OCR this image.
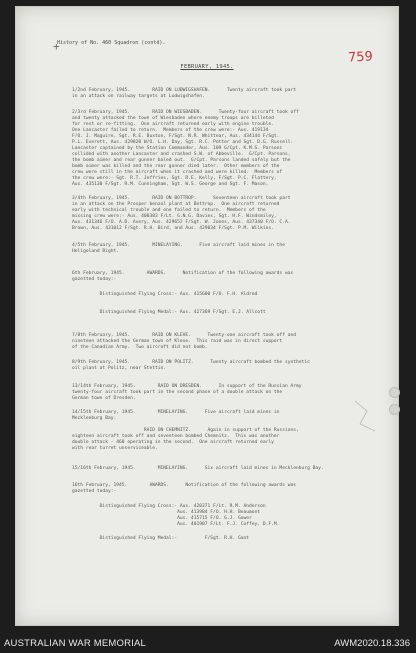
+
History of No. 460 Squadron (contd).
759
FEBRUARY, 1945.
1/2nd February, 1945.        RAID ON LUDWIGSHAFEN.      Twenty aircraft took part
in an attack on railway targets at Ludwigshafen.
2/3rd February, 1945.        RAID ON WIESBADEN.      Twenty-four aircraft took off
and twenty attacked the town of Wiesbaden where enemy troops are billeted
for rest or re-fitting.  One aircraft returned early with engine trouble.
One Lancaster failed to return.  Members of the crew were:- Aus. 419134
F/O. J. Maguire, Sgt. R.E. Buxton, F/Sgt. N.R. Whittear, Aus. 434144 F/Sgt.
P.L. Everett, Aus. 429820 W/O. L.H. Day, Sgt. R.C. Potter and Sgt. D.G. Russell.
Lancaster captained by the Station Commander, Aus. 109 G/Cpt. K.M.S. Parsons
collided with another Lancaster and crashed S.W. of Abbeville.  G/Cpt. Parsons,
the bomb aimer and rear gunner baled out.  G/Cpt. Parsons landed safely but the
bomb aimer was killed and the rear gunner died later.  Other members of the
crew were still in the aircraft when it crashed and were killed.  Members of
the crew were:- Sgt. R.T. Jeffries, Sgt. R.E. Kelly, F/Sgt. P.C. Flattery,
Aus. 435130 F/Sgt. R.M. Cunningham, Sgt. W.S. George and Sgt. F. Mason.
3/4th February, 1945.        RAID ON BOTTROP.      Seventeen aircraft took part
in an attack on the Prosper benzol plant at Bottrop.  One aircraft returned
early with technical trouble and one failed to return.  Members of the
missing crew were:- Aus. 400383 F/Lt. G.N.G. Davies, Sgt. H.F. Windsmiley,
Aus. 431346 F/O. A.D. Avery, Aus. 429652 F/Sgt. W. Jones, Aus. 437340 F/O. C.A.
Brown, Aus. 431012 F/Sgt. R.H. Bird, and Aus. 429034 F/Sgt. P.M. Wilkins.
4/5th February, 1945.        MINELAYING.      Five aircraft laid mines in the
Heligoland Bight.
6th February, 1945.        AWARDS.      Notification of the following awards was
gazetted today:-
Distinguished Flying Cross:- Aus. 415600 F/O. F.H. Aldred
Distinguished Flying Medal:- Aus. 427369 F/Sgt. E.J. Allcott
7/8th February, 1945.        RAID ON KLEVE.      Twenty-one aircraft took off and
nineteen attacked the German town of Kleve.  This raid was in direct support
of the Canadian Army.  Two aircraft did not bomb.
8/9th February, 1945.        RAID ON POLITZ.      Twenty aircraft bombed the synthetic
oil plant at Politz, near Stettin.
13/14th February, 1945.        RAID ON DRESDEN.      In support of the Russian Army
twenty-four aircraft took part in the second phase of a double attack on the
German town of Dresden.
14/15th February, 1945.        MINELAYING.      Five aircraft laid mines in
Mecklenburg Bay.
RAID ON CHEMNITZ.      Again in support of the Russians,
eighteen aircraft took off and seventeen bombed Chemnitz.  This was another
double attack - 460 operating in the second.  One aircraft returned early
with rear turret unserviceable.
15/16th February, 1945.        MINELAYING.      Six aircraft laid mines in Mecklenburg Bay.
16th February, 1945.        AWARDS.      Notification of the following awards was
gazetted today:-
Distinguished Flying Cross:- Aus. 420371 F/Lt. R.M. Anderson
Aus. 413984 F/O. H.H. Beaumont
Aus. 415715 F/O. G.J. Gower
Aus. 401907 F/Lt. F.J. Coffey, D.F.M.
Distinguished Flying Medal:-          F/Sgt. R.H. Gant
AUSTRALIAN WAR MEMORIAL	AWM2020.18.336
